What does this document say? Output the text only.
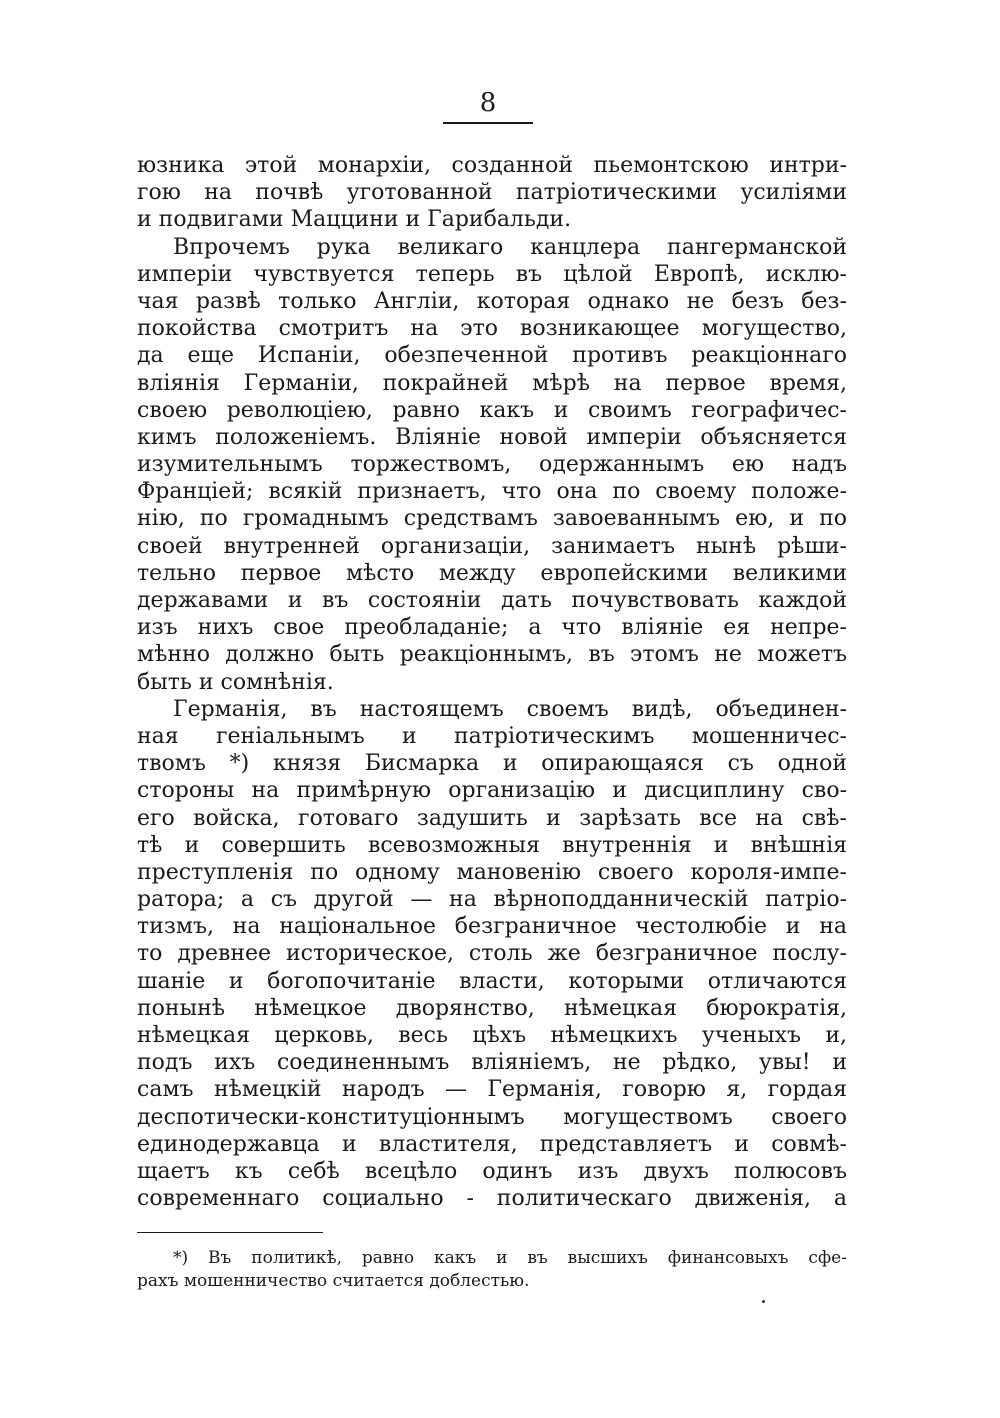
8
юзника этой монархіи, созданной пьемонтскою интри-
гою на почвѣ уготованной патріотическими усиліями
и подвигами Маццини и Гарибальди.
Впрочемъ рука великаго канцлера пангерманской
имперіи чувствуется теперь въ цѣлой Европѣ, исклю-
чая развѣ только Англіи, которая однако не безъ без-
покойства смотритъ на это возникающее могущество,
да еще Испаніи, обезпеченной противъ реакціоннаго
вліянія Германіи, покрайней мѣрѣ на первое время,
своею революціею, равно какъ и своимъ географичес-
кимъ положеніемъ. Вліяніе новой имперіи объясняется
изумительнымъ торжествомъ, одержаннымъ ею надъ
Франціей; всякій признаетъ, что она по своему положе-
нію, по громаднымъ средствамъ завоеваннымъ ею, и по
своей внутренней организаціи, занимаетъ нынѣ рѣши-
тельно первое мѣсто между европейскими великими
державами и въ состояніи дать почувствовать каждой
изъ нихъ свое преобладаніе; а что вліяніе ея непре-
мѣнно должно быть реакціоннымъ, въ этомъ не можетъ
быть и сомнѣнія.
Германія, въ настоящемъ своемъ видѣ, объединен-
ная геніальнымъ и патріотическимъ мошенничес-
твомъ *) князя Бисмарка и опирающаяся съ одной
стороны на примѣрную организацію и дисциплину сво-
его войска, готоваго задушить и зарѣзать все на свѣ-
тѣ и совершить всевозможныя внутреннія и внѣшнія
преступленія по одному мановенію своего короля-импе-
ратора; а съ другой — на вѣрноподданническій патріо-
тизмъ, на національное безграничное честолюбіе и на
то древнее историческое, столь же безграничное послу-
шаніе и богопочитаніе власти, которыми отличаются
понынѣ нѣмецкое дворянство, нѣмецкая бюрократія,
нѣмецкая церковь, весь цѣхъ нѣмецкихъ ученыхъ и,
подъ ихъ соединеннымъ вліяніемъ, не рѣдко, увы! и
самъ нѣмецкій народъ — Германія, говорю я, гордая
деспотически-конституціоннымъ могуществомъ своего
единодержавца и властителя, представляетъ и совмѣ-
щаетъ къ себѣ всецѣло одинъ изъ двухъ полюсовъ
современнаго социально - политическаго движенія, а
*) Въ политикѣ, равно какъ и въ высшихъ финансовыхъ сфе-
рахъ мошенничество считается доблестью.
